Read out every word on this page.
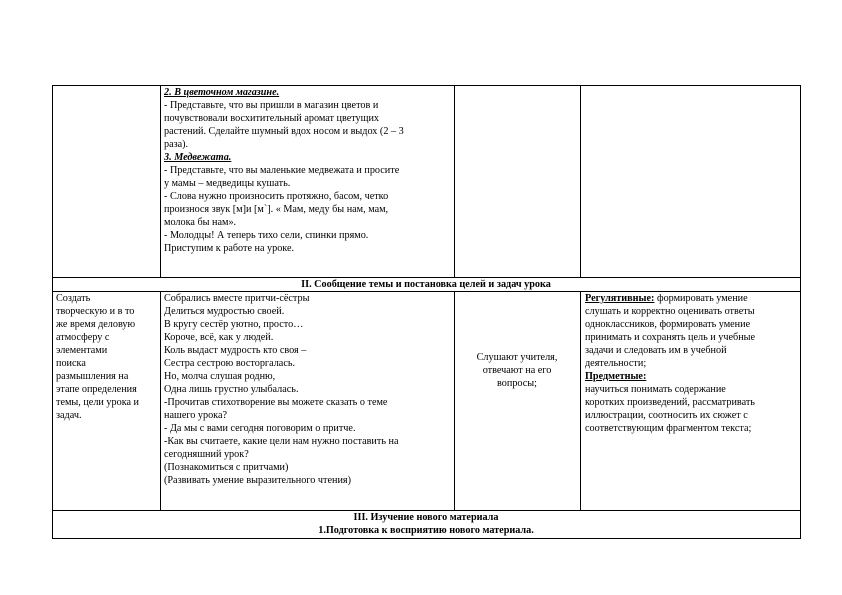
2. В цветочном магазине.
- Представьте, что вы пришли в магазин цветов и
почувствовали восхитительный аромат цветущих
растений. Сделайте шумный вдох носом и выдох (2 – 3
раза).
3. Медвежата.
- Представьте, что вы маленькие медвежата и просите
у мамы – медведицы кушать.
- Слова нужно произносить протяжно, басом, четко
произнося звук [м]и [м`]. « Мам, меду бы нам, мам,
молока бы нам».
- Молодцы! А теперь тихо сели, спинки прямо.
Приступим к работе на уроке.
II. Сообщение темы и постановка целей и задач урока
Создать
творческую и в то
же время деловую
атмосферу с
элементами
поиска
размышления на
этапе определения
темы, цели урока и
задач.
Собрались вместе притчи-сёстры
Делиться мудростью своей.
В кругу сестёр уютно, просто…
Короче, всё, как у людей.
Коль выдаст мудрость кто своя –
Сестра сестрою восторгалась.
Но, молча слушая родню,
Одна лишь грустно улыбалась.
-Прочитав стихотворение вы можете сказать о теме
нашего урока?
- Да мы с вами сегодня поговорим о притче.
-Как вы считаете, какие цели нам нужно поставить на
сегодняшний урок?
(Познакомиться с притчами)
(Развивать умение выразительного чтения)
Слушают учителя,
отвечают на его
вопросы;
Регулятивные: формировать умение
слушать и корректно оценивать ответы
одноклассников, формировать умение
принимать и сохранять цель и учебные
задачи и следовать им в учебной
деятельности;
Предметные:
научиться понимать содержание
коротких произведений, рассматривать
иллюстрации, соотносить их сюжет с
соответствующим фрагментом текста;
III. Изучение нового материала
1.Подготовка к восприятию нового материала.
